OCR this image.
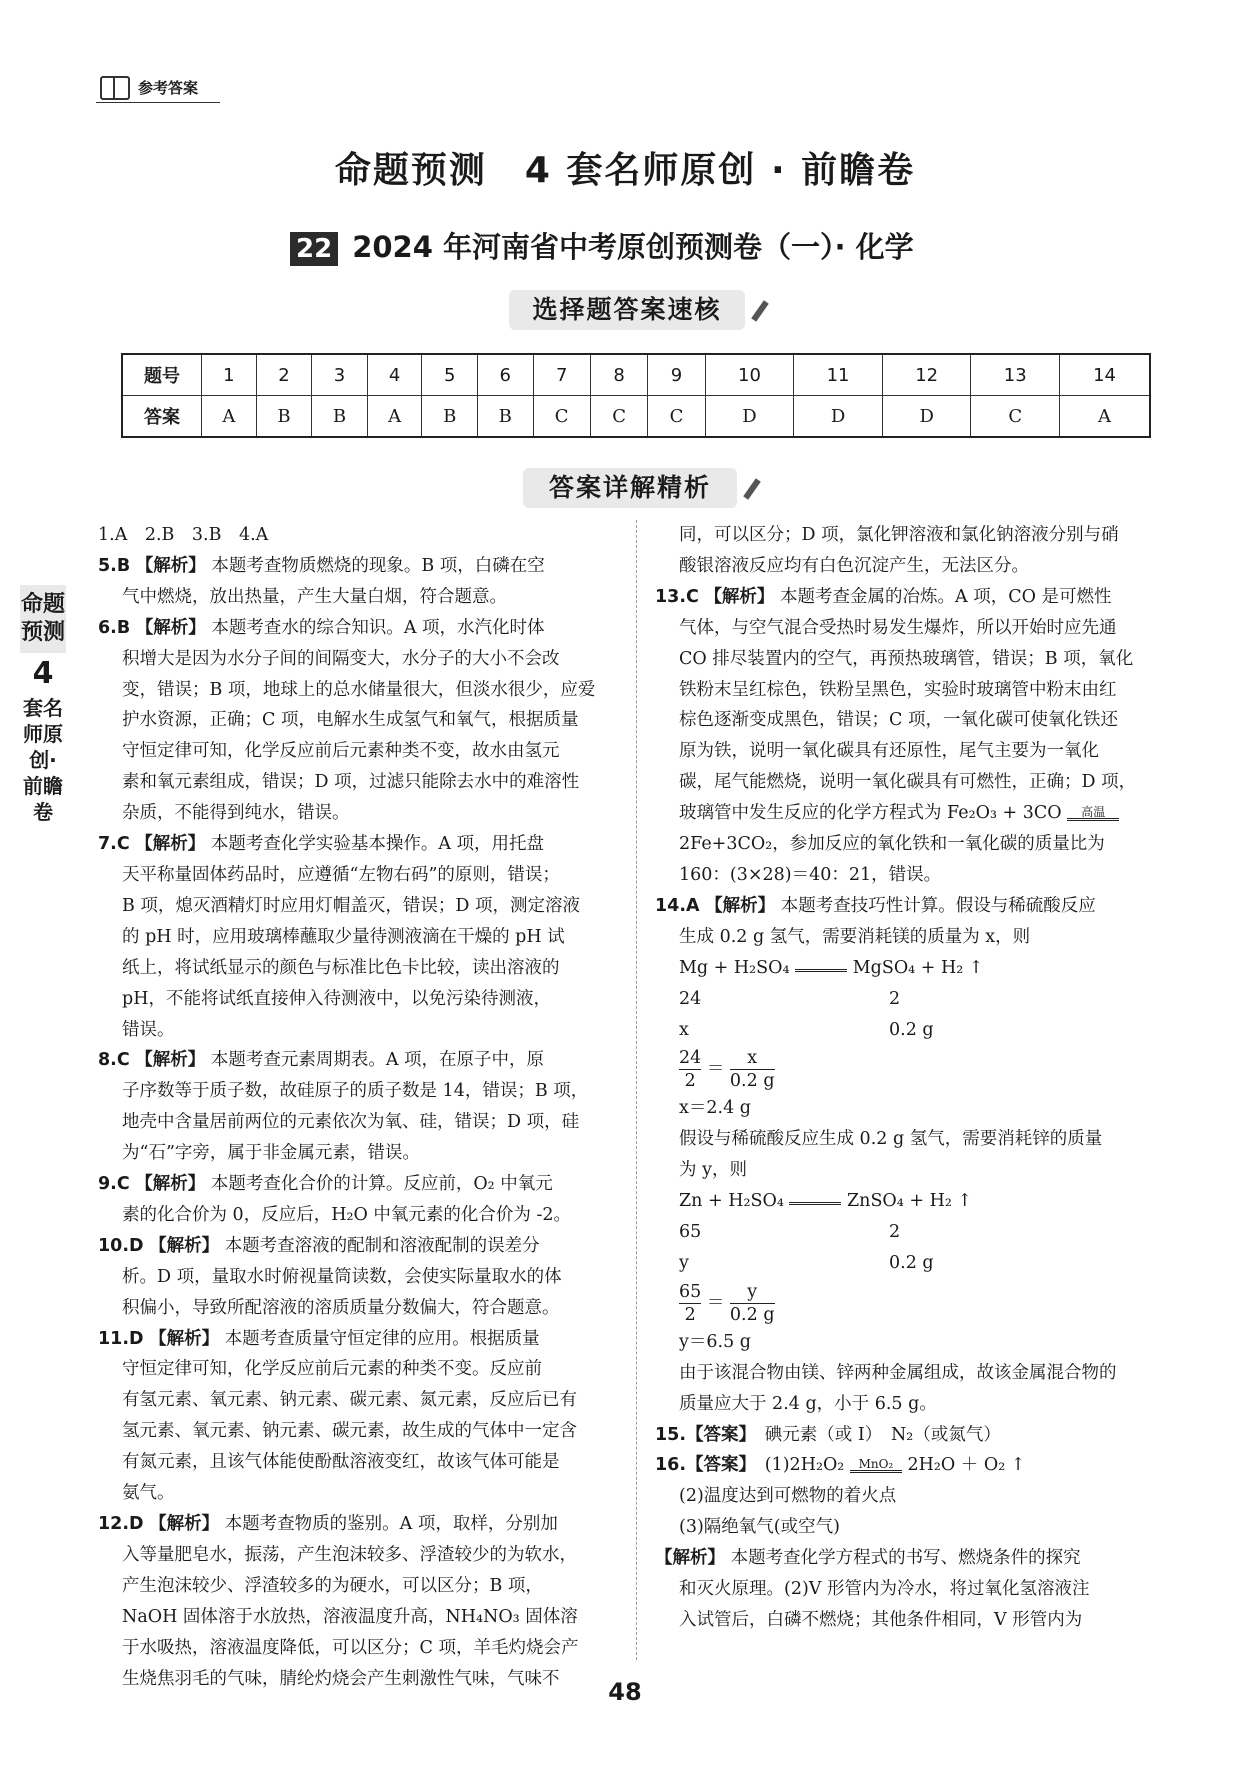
参考答案
命题预测　4 套名师原创 · 前瞻卷
22 2024 年河南省中考原创预测卷（一）· 化学
选择题答案速核
题号	1	2	3	4	5	6	7	8	9	10	11	12	13	14
答案	A	B	B	A	B	B	C	C	C	D	D	D	C	A
答案详解精析
命题预测
4
套名师原创·前瞻卷

1.A　2.B　3.B　4.A

5.B 【解析】 本题考查物质燃烧的现象。B 项，白磷在空

气中燃烧，放出热量，产生大量白烟，符合题意。

6.B 【解析】 本题考查水的综合知识。A 项，水汽化时体

积增大是因为水分子间的间隔变大，水分子的大小不会改

变，错误；B 项，地球上的总水储量很大，但淡水很少，应爱

护水资源，正确；C 项，电解水生成氢气和氧气，根据质量

守恒定律可知，化学反应前后元素种类不变，故水由氢元

素和氧元素组成，错误；D 项，过滤只能除去水中的难溶性

杂质，不能得到纯水，错误。

7.C 【解析】 本题考查化学实验基本操作。A 项，用托盘

天平称量固体药品时，应遵循“左物右码”的原则，错误；

B 项，熄灭酒精灯时应用灯帽盖灭，错误；D 项，测定溶液

的 pH 时，应用玻璃棒蘸取少量待测液滴在干燥的 pH 试

纸上，将试纸显示的颜色与标准比色卡比较，读出溶液的

pH，不能将试纸直接伸入待测液中，以免污染待测液，

错误。

8.C 【解析】 本题考查元素周期表。A 项，在原子中，原

子序数等于质子数，故硅原子的质子数是 14，错误；B 项，

地壳中含量居前两位的元素依次为氧、硅，错误；D 项，硅

为“石”字旁，属于非金属元素，错误。

9.C 【解析】 本题考查化合价的计算。反应前，O₂ 中氧元

素的化合价为 0，反应后，H₂O 中氧元素的化合价为 -2。

10.D 【解析】 本题考查溶液的配制和溶液配制的误差分

析。D 项，量取水时俯视量筒读数，会使实际量取水的体

积偏小，导致所配溶液的溶质质量分数偏大，符合题意。

11.D 【解析】 本题考查质量守恒定律的应用。根据质量

守恒定律可知，化学反应前后元素的种类不变。反应前

有氢元素、氧元素、钠元素、碳元素、氮元素，反应后已有

氢元素、氧元素、钠元素、碳元素，故生成的气体中一定含

有氮元素，且该气体能使酚酞溶液变红，故该气体可能是

氨气。

12.D 【解析】 本题考查物质的鉴别。A 项，取样，分别加

入等量肥皂水，振荡，产生泡沫较多、浮渣较少的为软水，

产生泡沫较少、浮渣较多的为硬水，可以区分；B 项，

NaOH 固体溶于水放热，溶液温度升高，NH₄NO₃ 固体溶

于水吸热，溶液温度降低，可以区分；C 项，羊毛灼烧会产

生烧焦羽毛的气味，腈纶灼烧会产生刺激性气味，气味不

同，可以区分；D 项，氯化钾溶液和氯化钠溶液分别与硝

酸银溶液反应均有白色沉淀产生，无法区分。

13.C 【解析】 本题考查金属的冶炼。A 项，CO 是可燃性

气体，与空气混合受热时易发生爆炸，所以开始时应先通

CO 排尽装置内的空气，再预热玻璃管，错误；B 项，氧化

铁粉末呈红棕色，铁粉呈黑色，实验时玻璃管中粉末由红

棕色逐渐变成黑色，错误；C 项，一氧化碳可使氧化铁还

原为铁，说明一氧化碳具有还原性，尾气主要为一氧化

碳，尾气能燃烧，说明一氧化碳具有可燃性，正确；D 项，

玻璃管中发生反应的化学方程式为 Fe₂O₃ + 3CO	高温

2Fe+3CO₂，参加反应的氧化铁和一氧化碳的质量比为

160：(3×28)＝40：21，错误。

14.A 【解析】 本题考查技巧性计算。假设与稀硫酸反应

生成 0.2 g 氢气，需要消耗镁的质量为 x，则

Mg + H₂SO₄	MgSO₄ + H₂ ↑

24	2

x	0.2 g

$\frac{24}{2} = \frac{x}{0.2 g}$

x＝2.4 g

假设与稀硫酸反应生成 0.2 g 氢气，需要消耗锌的质量

为 y，则

Zn + H₂SO₄	ZnSO₄ + H₂ ↑

65	2

y	0.2 g

$\frac{65}{2} = \frac{y}{0.2 g}$

y＝6.5 g

由于该混合物由镁、锌两种金属组成，故该金属混合物的

质量应大于 2.4 g，小于 6.5 g。

15.【答案】　 碘元素（或 I）　N₂（或氮气）

16.【答案】　 (1)2H₂O₂	MnO₂ 2H₂O ＋ O₂ ↑

(2)温度达到可燃物的着火点

(3)隔绝氧气(或空气)

【解析】 本题考查化学方程式的书写、燃烧条件的探究

和灭火原理。(2)V 形管内为冷水，将过氧化氢溶液注

入试管后，白磷不燃烧；其他条件相同，V 形管内为

48
